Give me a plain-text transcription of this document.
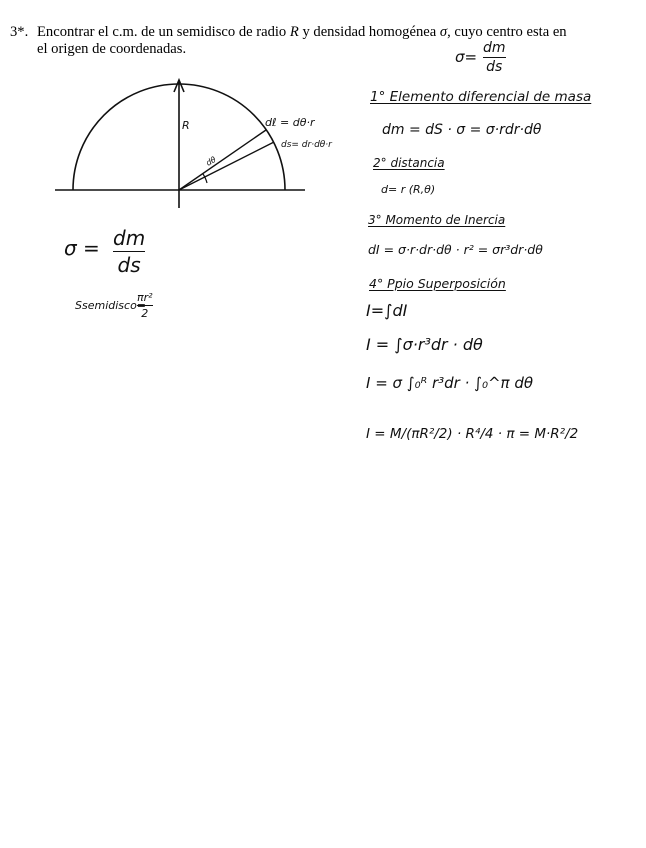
3*. Encontrar el c.m. de un semidisco de radio R y densidad homogénea σ, cuyo centro esta en
el origen de coordenadas.	σ= dm
ds
R	dℓ = dθ·r
ds= dr·dθ·r
dθ
σ = dm
ds
Ssemidisco=
πr²
2
1° Elemento diferencial de masa
dm = dS · σ = σ·rdr·dθ
2° distancia
d= r (R,θ)
3° Momento de Inercia
dI = σ·r·dr·dθ · r² = σr³dr·dθ
4° Ppio Superposición
I=∫dI
I = ∫σ·r³dr · dθ
I = σ ∫₀ᴿ r³dr · ∫₀^π dθ
I = M/(πR²/2) · R⁴/4 · π = M·R²/2
